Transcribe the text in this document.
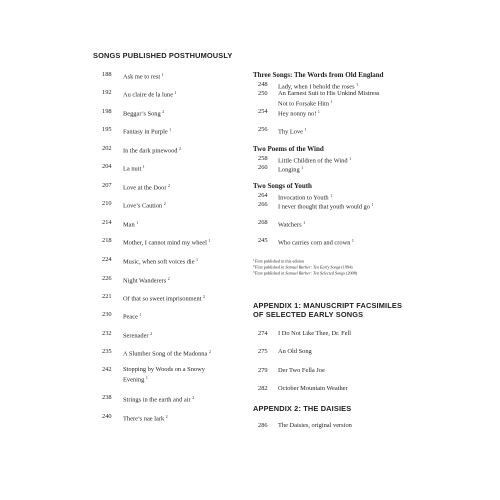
SONGS PUBLISHED POSTHUMOUSLY
188	Ask me to rest $^1$
192	Au claire de la lune $^1$
198	Beggar’s Song $^2$
195	Fantasy in Purple $^1$
202	In the dark pinewood $^2$
204	La nuit $^1$
207	Love at the Door $^2$
210	Love’s Caution $^2$
214	Man $^1$
218	Mother, I cannot mind my wheel $^1$
224	Music, when soft voices die $^1$
226	Night Wanderers $^2$
221	Of that so sweet imprisonment $^2$
230	Peace $^1$
232	Serenader $^2$
235	A Slumber Song of the Madonna $^2$
242	Stopping by Woods on a Snowy
Evening $^1$
238	Strings in the earth and air $^2$
240	There’s nae lark $^2$
Three Songs: The Words from Old England
248	Lady, when I behold the roses $^1$
250	An Earnest Suit to His Unkind Mistress
Not to Forsake Him $^1$
254	Hey nonny no! $^1$
256	Thy Love $^1$
Two Poems of the Wind
258	Little Children of the Wind $^1$
260	Longing $^1$
Two Songs of Youth
264	Invocation to Youth $^1$
266	I never thought that youth would go $^1$
268	Watchers $^1$
245	Who carries corn and crown $^1$
$^1$First published in this edition
$^2$First published in Samuel Barber: Ten Early Songs (1994)
$^3$First published in Samuel Barber: Ten Selected Songs (2008)
APPENDIX 1: MANUSCRIPT FACSIMILES
OF SELECTED EARLY SONGS
274	I Do Not Like Thee, Dr. Fell
275	An Old Song
279	Der Two Fella Joe
282	October Mountain Weather
APPENDIX 2: THE DAISIES
286	The Daisies, original version
